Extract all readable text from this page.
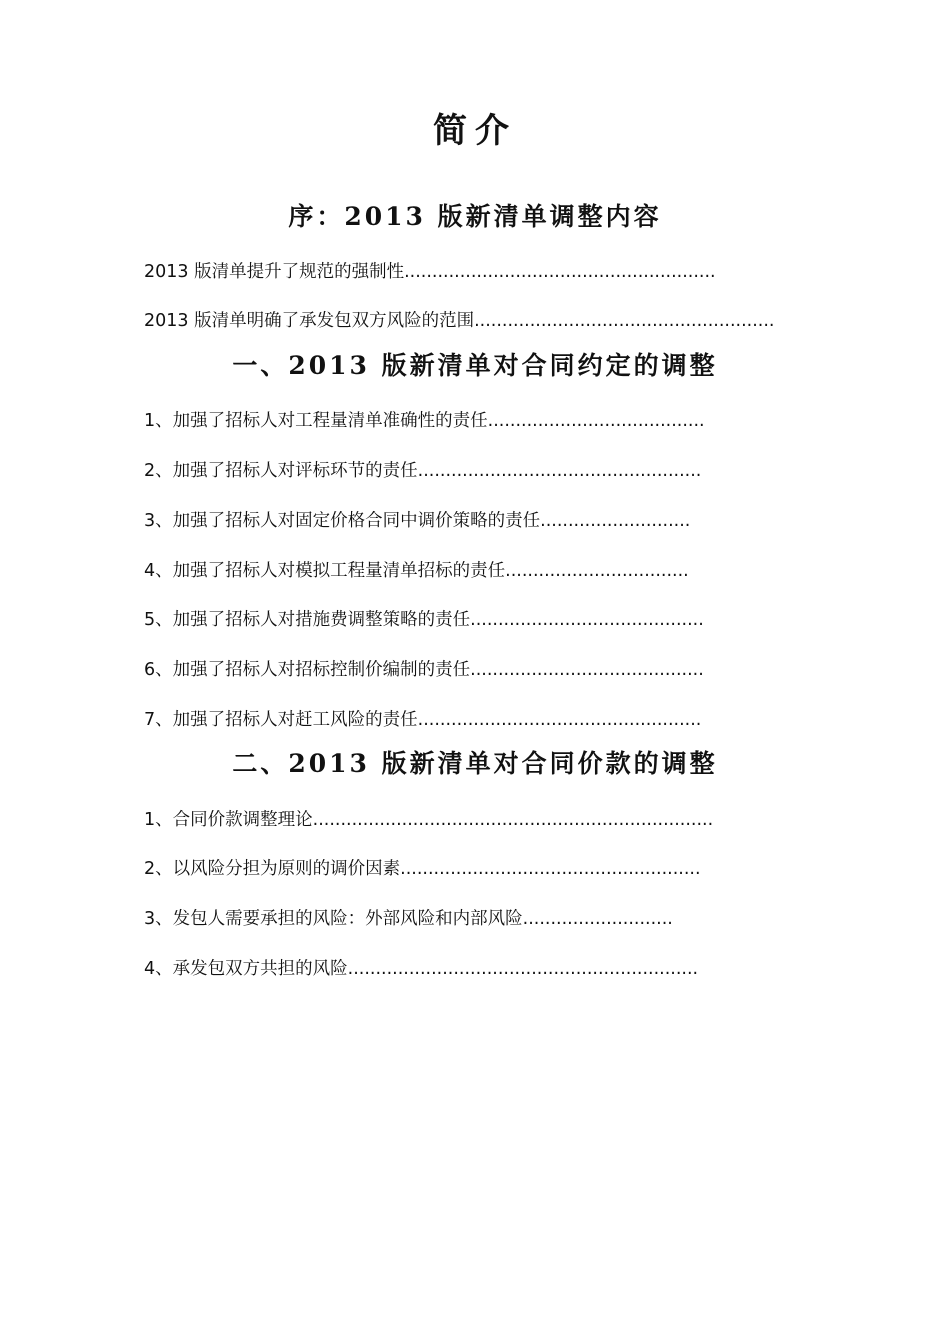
简介
序：2013 版新清单调整内容

2013 版清单提升了规范的强制性........................................................

2013 版清单明确了承发包双方风险的范围......................................................

一、2013 版新清单对合同约定的调整

1、加强了招标人对工程量清单准确性的责任.......................................

2、加强了招标人对评标环节的责任...................................................

3、加强了招标人对固定价格合同中调价策略的责任...........................

4、加强了招标人对模拟工程量清单招标的责任.................................

5、加强了招标人对措施费调整策略的责任..........................................

6、加强了招标人对招标控制价编制的责任..........................................

7、加强了招标人对赶工风险的责任...................................................

二、2013 版新清单对合同价款的调整

1、合同价款调整理论........................................................................

2、以风险分担为原则的调价因素......................................................

3、发包人需要承担的风险：外部风险和内部风险...........................

4、承发包双方共担的风险...............................................................
